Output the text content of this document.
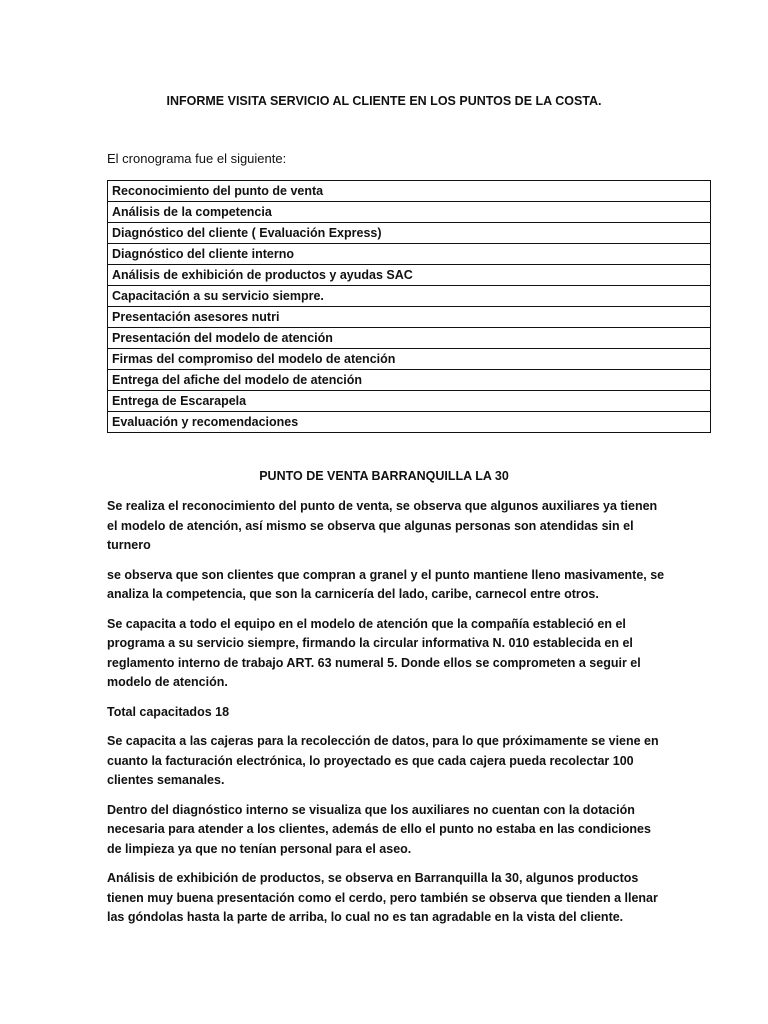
INFORME VISITA SERVICIO AL CLIENTE EN LOS PUNTOS DE LA COSTA.
El cronograma fue el siguiente:
Reconocimiento del punto de venta
Análisis de la competencia
Diagnóstico del cliente ( Evaluación Express)
Diagnóstico del cliente interno
Análisis de exhibición de productos y ayudas SAC
Capacitación a su servicio siempre.
Presentación asesores nutri
Presentación del modelo de atención
Firmas del compromiso del modelo de atención
Entrega del afiche del modelo de atención
Entrega de Escarapela
Evaluación y recomendaciones
PUNTO DE VENTA BARRANQUILLA LA 30

Se realiza el reconocimiento del punto de venta, se observa que algunos auxiliares ya tienen el modelo de atención, así mismo se observa que algunas personas son atendidas sin el turnero

se observa que son clientes que compran a granel y el punto mantiene lleno masivamente, se analiza la competencia, que son la carnicería del lado, caribe, carnecol entre otros.

Se capacita a todo el equipo en el modelo de atención que la compañía estableció en el programa a su servicio siempre, firmando la circular informativa N. 010 establecida en el reglamento interno de trabajo ART. 63 numeral 5. Donde ellos se comprometen a seguir el modelo de atención.

Total capacitados 18

Se capacita a las cajeras para la recolección de datos, para lo que próximamente se viene en cuanto la facturación electrónica, lo proyectado es que cada cajera pueda recolectar 100 clientes semanales.

Dentro del diagnóstico interno se visualiza que los auxiliares no cuentan con la dotación necesaria para atender a los clientes, además de ello el punto no estaba en las condiciones de limpieza ya que no tenían personal para el aseo.

Análisis de exhibición de productos, se observa en Barranquilla la 30, algunos productos tienen muy buena presentación como el cerdo, pero también se observa que tienden a llenar las góndolas hasta la parte de arriba, lo cual no es tan agradable en la vista del cliente.
